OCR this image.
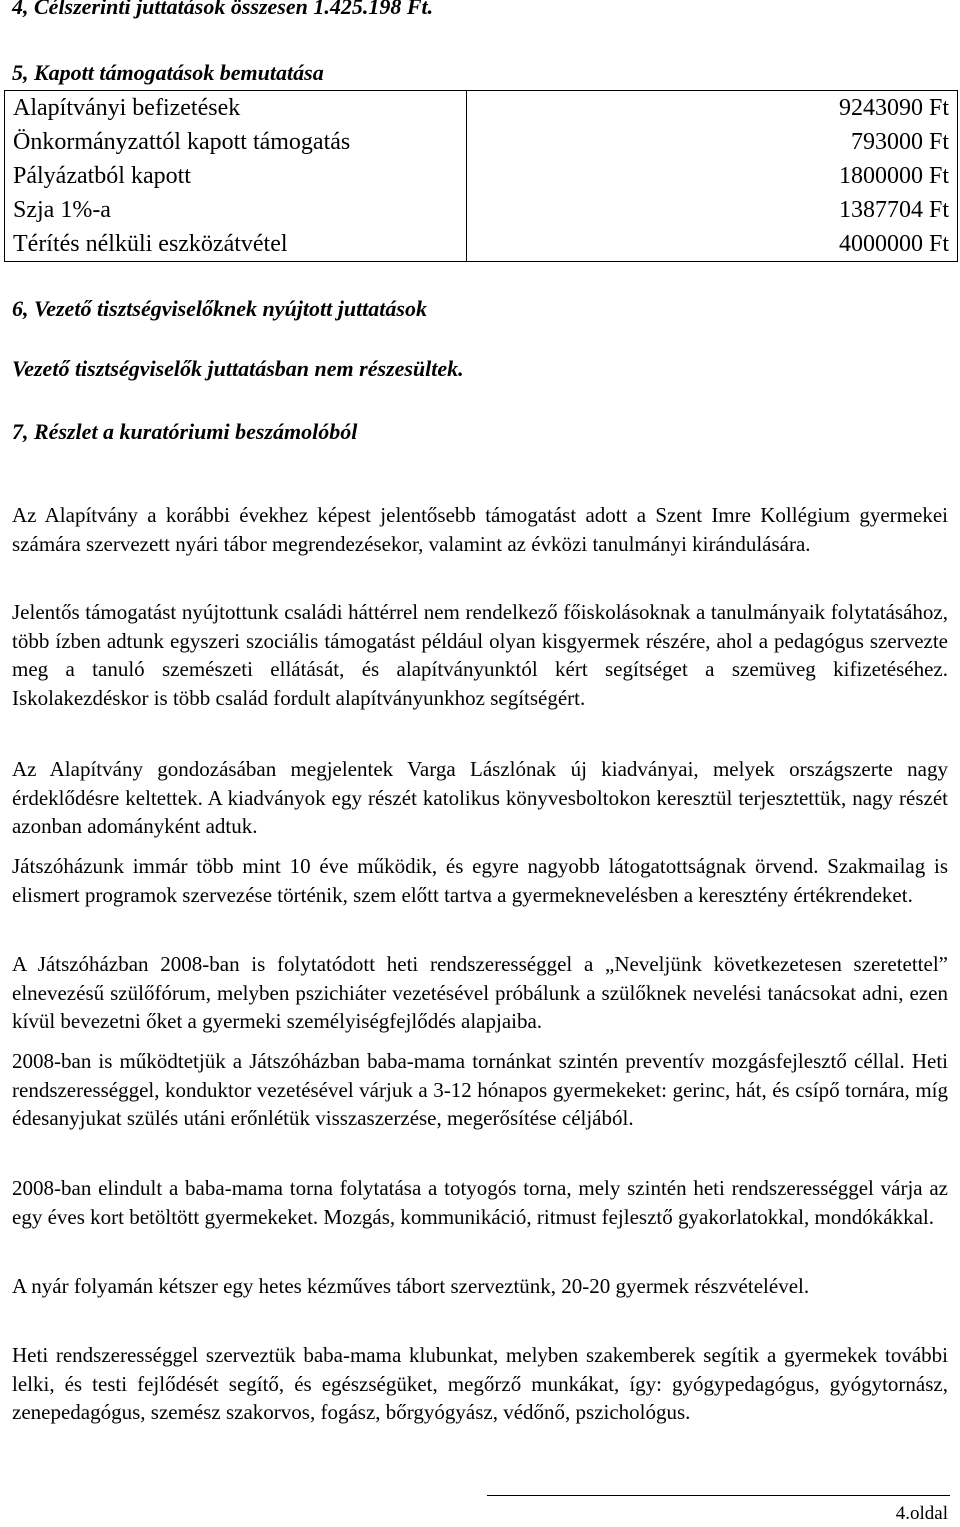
4, Célszerinti juttatások összesen 1.425.198 Ft.
5, Kapott támogatások bemutatása
Alapítványi befizetések	9243090 Ft
Önkormányzattól kapott támogatás	793000 Ft
Pályázatból kapott	1800000 Ft
Szja 1%-a	1387704 Ft
Térítés nélküli eszközátvétel	4000000 Ft
6, Vezető tisztségviselőknek nyújtott juttatások
Vezető tisztségviselők juttatásban nem részesültek.
7, Részlet a kuratóriumi beszámolóból
Az Alapítvány a korábbi évekhez képest jelentősebb támogatást adott a Szent Imre Kollégium gyermekei számára szervezett nyári tábor megrendezésekor, valamint az évközi tanulmányi kirándulására.
Jelentős támogatást nyújtottunk családi háttérrel nem rendelkező főiskolásoknak a tanulmányaik folytatásához, több ízben adtunk egyszeri szociális támogatást például olyan kisgyermek részére, ahol a pedagógus szervezte meg a tanuló szemészeti ellátását, és alapítványunktól kért segítséget a szemüveg kifizetéséhez. Iskolakezdéskor is több család fordult alapítványunkhoz segítségért.
Az Alapítvány gondozásában megjelentek Varga Lászlónak új kiadványai, melyek országszerte nagy érdeklődésre keltettek. A kiadványok egy részét katolikus könyvesboltokon keresztül terjesztettük, nagy részét azonban adományként adtuk.
Játszóházunk immár több mint 10 éve működik, és egyre nagyobb látogatottságnak örvend. Szakmailag is elismert programok szervezése történik, szem előtt tartva a gyermeknevelésben a keresztény értékrendeket.
A Játszóházban 2008-ban is folytatódott heti rendszerességgel a „Neveljünk következetesen szeretettel” elnevezésű szülőfórum, melyben pszichiáter vezetésével próbálunk a szülőknek nevelési tanácsokat adni, ezen kívül bevezetni őket a gyermeki személyiségfejlődés alapjaiba.
2008-ban is működtetjük a Játszóházban baba-mama tornánkat szintén preventív mozgásfejlesztő céllal. Heti rendszerességgel, konduktor vezetésével várjuk a 3-12 hónapos gyermekeket: gerinc, hát, és csípő tornára, míg édesanyjukat szülés utáni erőnlétük visszaszerzése, megerősítése céljából.
2008-ban elindult a baba-mama torna folytatása a totyogós torna, mely szintén heti rendszerességgel várja az egy éves kort betöltött gyermekeket. Mozgás, kommunikáció, ritmust fejlesztő gyakorlatokkal, mondókákkal.
A nyár folyamán kétszer egy hetes kézműves tábort szerveztünk, 20-20 gyermek részvételével.
Heti rendszerességgel szerveztük baba-mama klubunkat, melyben szakemberek segítik a gyermekek további lelki, és testi fejlődését segítő, és egészségüket, megőrző munkákat, így: gyógypedagógus, gyógytornász, zenepedagógus, szemész szakorvos, fogász, bőrgyógyász, védőnő, pszichológus.
4.oldal
